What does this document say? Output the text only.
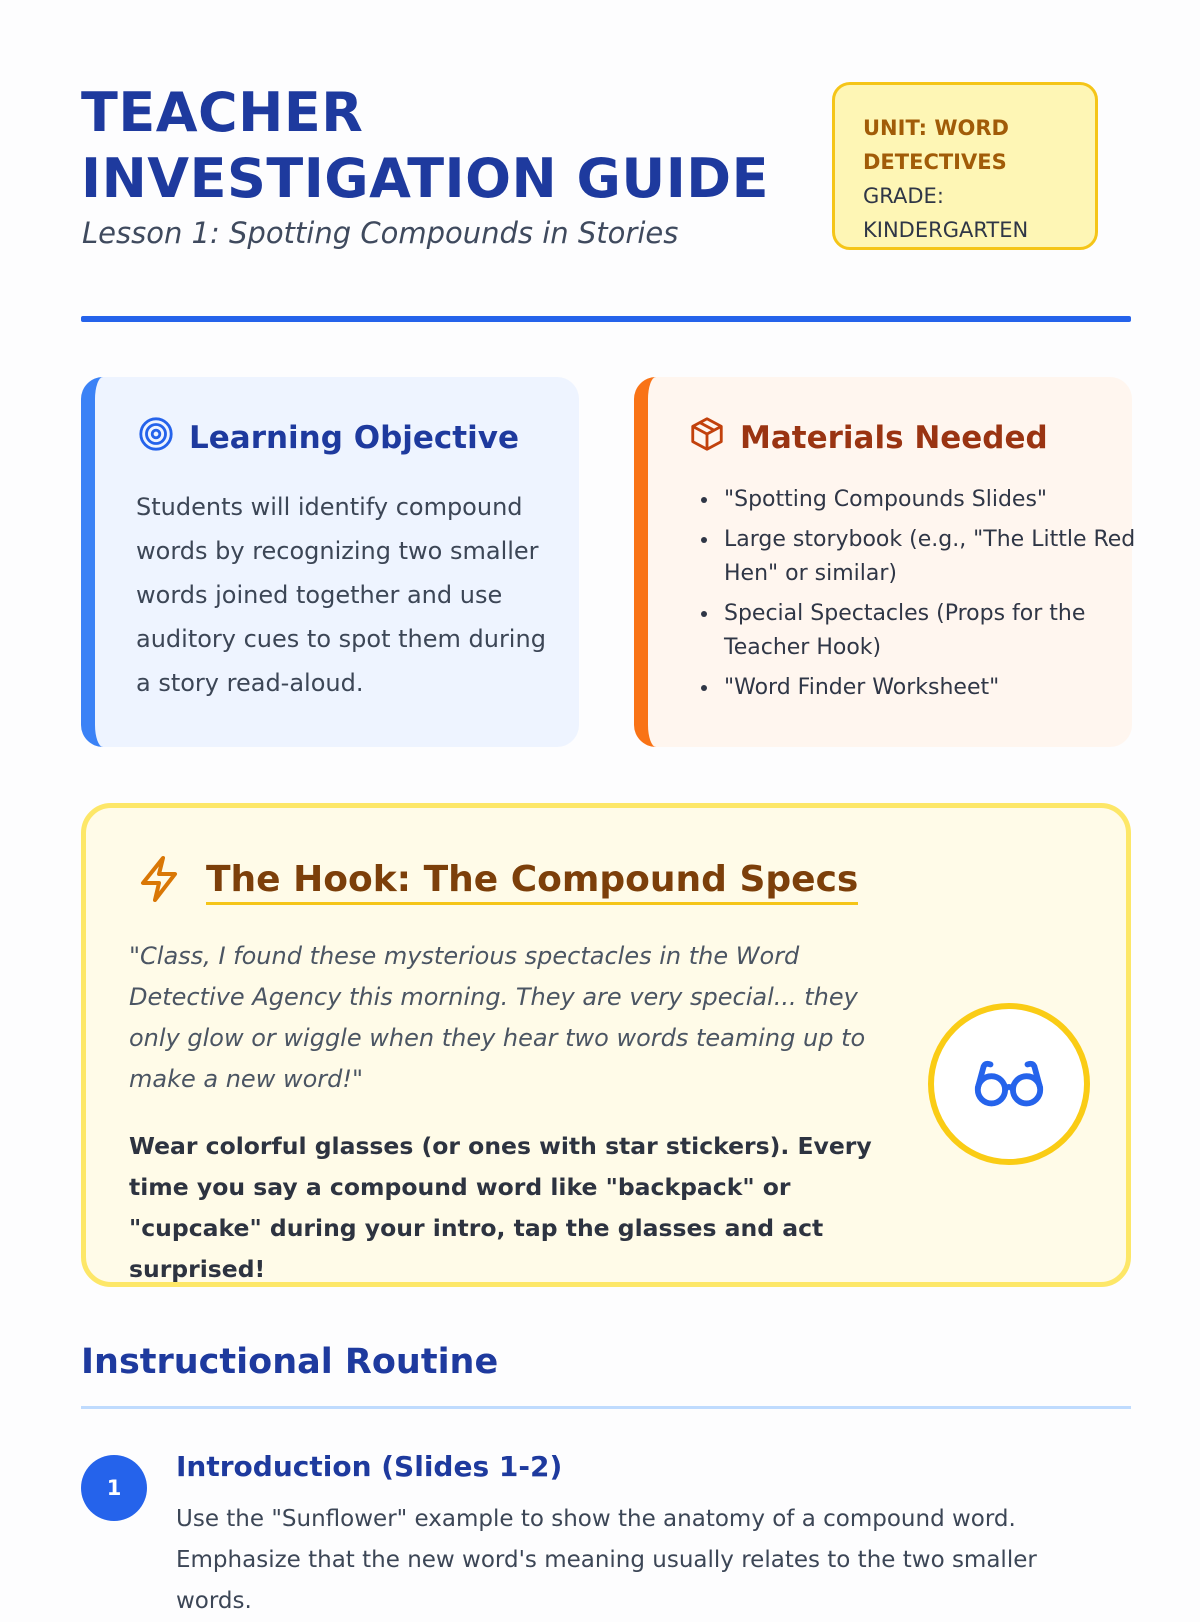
TEACHER INVESTIGATION GUIDE

Lesson 1: Spotting Compounds in Stories

UNIT: WORD DETECTIVES
GRADE: KINDERGARTEN
Learning Objective

Students will identify compound words by recognizing two smaller words joined together and use auditory cues to spot them during a story read-aloud.

Materials Needed
• "Spotting Compounds Slides"
• Large storybook (e.g., "The Little Red Hen" or similar)
• Special Spectacles (Props for the Teacher Hook)
• "Word Finder Worksheet"
The Hook: The Compound Specs

"Class, I found these mysterious spectacles in the Word Detective Agency this morning. They are very special... they only glow or wiggle when they hear two words teaming up to make a new word!"

Wear colorful glasses (or ones with star stickers). Every time you say a compound word like "backpack" or "cupcake" during your intro, tap the glasses and act surprised!

Instructional Routine
1
Introduction (Slides 1-2)

Use the "Sunflower" example to show the anatomy of a compound word. Emphasize that the new word's meaning usually relates to the two smaller words.
